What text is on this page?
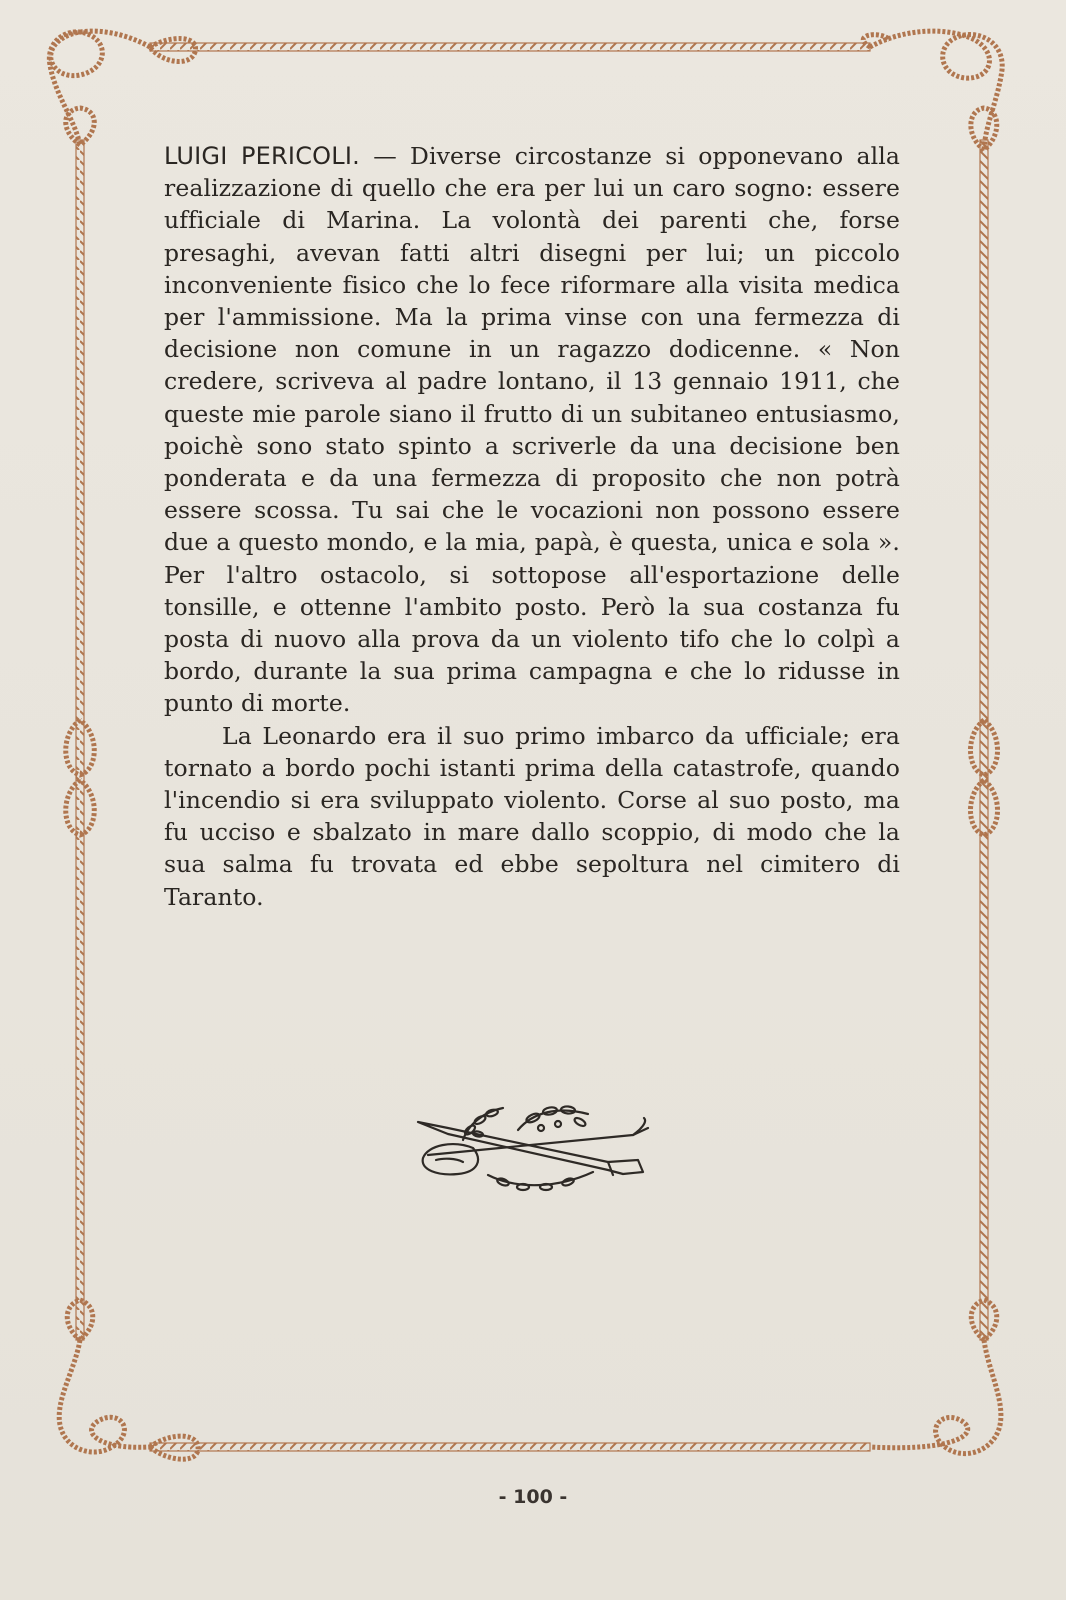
LUIGI PERICOLI. — Diverse circostanze si opponevano alla realizzazione di quello che era per lui un caro sogno: essere ufficiale di Marina. La volontà dei parenti che, forse presaghi, avevan fatti altri disegni per lui; un piccolo inconveniente fisico che lo fece riformare alla visita medica per l'ammissione. Ma la prima vinse con una fermezza di decisione non comune in un ragazzo dodicenne. « Non credere, scriveva al padre lontano, il 13 gennaio 1911, che queste mie parole siano il frutto di un subitaneo entusiasmo, poichè sono stato spinto a scriverle da una decisione ben ponderata e da una fermezza di proposito che non potrà essere scossa. Tu sai che le vocazioni non possono essere due a questo mondo, e la mia, papà, è questa, unica e sola ». Per l'altro ostacolo, si sottopose all'esportazione delle tonsille, e ottenne l'ambito posto. Però la sua costanza fu posta di nuovo alla prova da un violento tifo che lo colpì a bordo, durante la sua prima campagna e che lo ridusse in punto di morte.

La Leonardo era il suo primo imbarco da ufficiale; era tornato a bordo pochi istanti prima della catastrofe, quando l'incendio si era sviluppato violento. Corse al suo posto, ma fu ucciso e sbalzato in mare dallo scoppio, di modo che la sua salma fu trovata ed ebbe sepoltura nel cimitero di Taranto.

- 100 -
